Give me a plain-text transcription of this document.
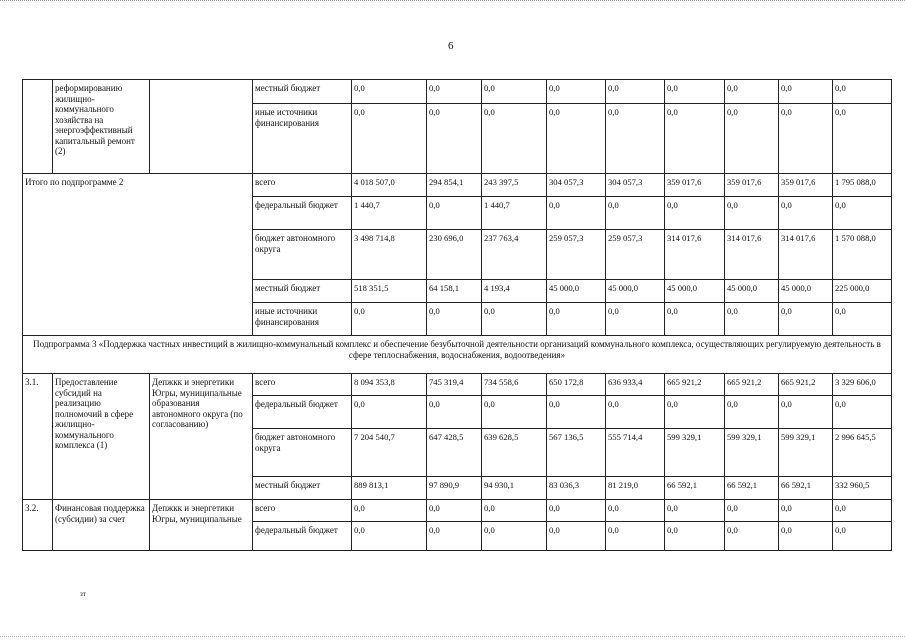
6
	реформированию жилищно-коммунального хозяйства на энергоэффективный капитальный ремонт (2)		местный бюджет	0,0	0,0	0,0	0,0	0,0	0,0	0,0	0,0	0,0
			иные источники финансирования	0,0	0,0	0,0	0,0	0,0	0,0	0,0	0,0	0,0
Итого по подпрограмме 2			всего	4 018 507,0	294 854,1	243 397,5	304 057,3	304 057,3	359 017,6	359 017,6	359 017,6	1 795 088,0
			федеральный бюджет	1 440,7	0,0	1 440,7	0,0	0,0	0,0	0,0	0,0	0,0
			бюджет автономного округа	3 498 714,8	230 696,0	237 763,4	259 057,3	259 057,3	314 017,6	314 017,6	314 017,6	1 570 088,0
			местный бюджет	518 351,5	64 158,1	4 193,4	45 000,0	45 000,0	45 000,0	45 000,0	45 000,0	225 000,0
			иные источники финансирования	0,0	0,0	0,0	0,0	0,0	0,0	0,0	0,0	0,0
Подпрограмма 3 «Поддержка частных инвестиций в жилищно-коммунальный комплекс и обеспечение безубыточной деятельности организаций коммунального комплекса, осуществляющих регулируемую деятельность в сфере теплоснабжения, водоснабжения, водоотведения»												
3.1.	Предоставление субсидий на реализацию полномочий в сфере жилищно-коммунального комплекса (1)	Депжкк и энергетики Югры, муниципальные образования автономного округа (по согласованию)	всего	8 094 353,8	745 319,4	734 558,6	650 172,8	636 933,4	665 921,2	665 921,2	665 921,2	3 329 606,0
			федеральный бюджет	0,0	0,0	0,0	0,0	0,0	0,0	0,0	0,0	0,0
			бюджет автономного округа	7 204 540,7	647 428,5	639 628,5	567 136,5	555 714,4	599 329,1	599 329,1	599 329,1	2 996 645,5
			местный бюджет	889 813,1	97 890,9	94 930,1	83 036,3	81 219,0	66 592,1	66 592,1	66 592,1	332 960,5
3.2.	Финансовая поддержка (субсидии) за счет	Депжкк и энергетики Югры, муниципальные	всего	0,0	0,0	0,0	0,0	0,0	0,0	0,0	0,0	0,0
			федеральный бюджет	0,0	0,0	0,0	0,0	0,0	0,0	0,0	0,0	0,0
зт
